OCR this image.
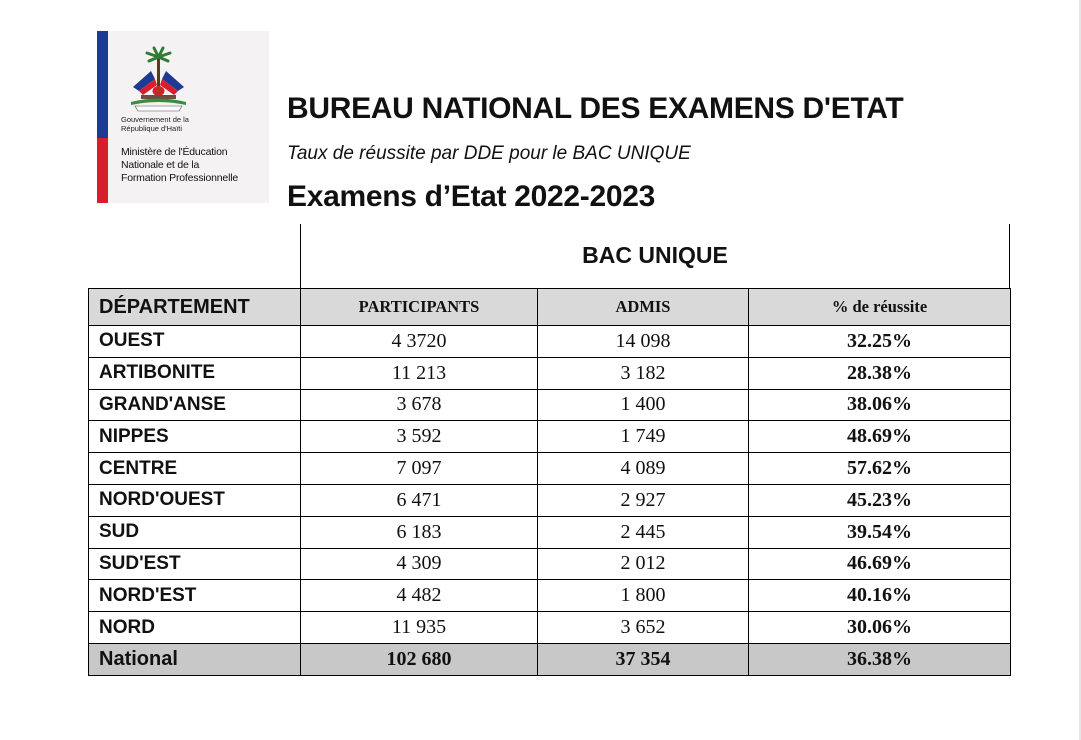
Gouvernement de la
République d'Haïti
Ministère de l'Éducation
Nationale et de la
Formation Professionnelle
BUREAU NATIONAL DES EXAMENS D'ETAT
Taux de réussite par DDE pour le BAC UNIQUE
Examens d’Etat 2022-2023
BAC UNIQUE
DÉPARTEMENT	PARTICIPANTS	ADMIS	% de réussite
OUEST	4 3720	14 098	32.25%
ARTIBONITE	11 213	3 182	28.38%
GRAND'ANSE	3 678	1 400	38.06%
NIPPES	3 592	1 749	48.69%
CENTRE	7 097	4 089	57.62%
NORD'OUEST	6 471	2 927	45.23%
SUD	6 183	2 445	39.54%
SUD'EST	4 309	2 012	46.69%
NORD'EST	4 482	1 800	40.16%
NORD	11 935	3 652	30.06%
National	102 680	37 354	36.38%
